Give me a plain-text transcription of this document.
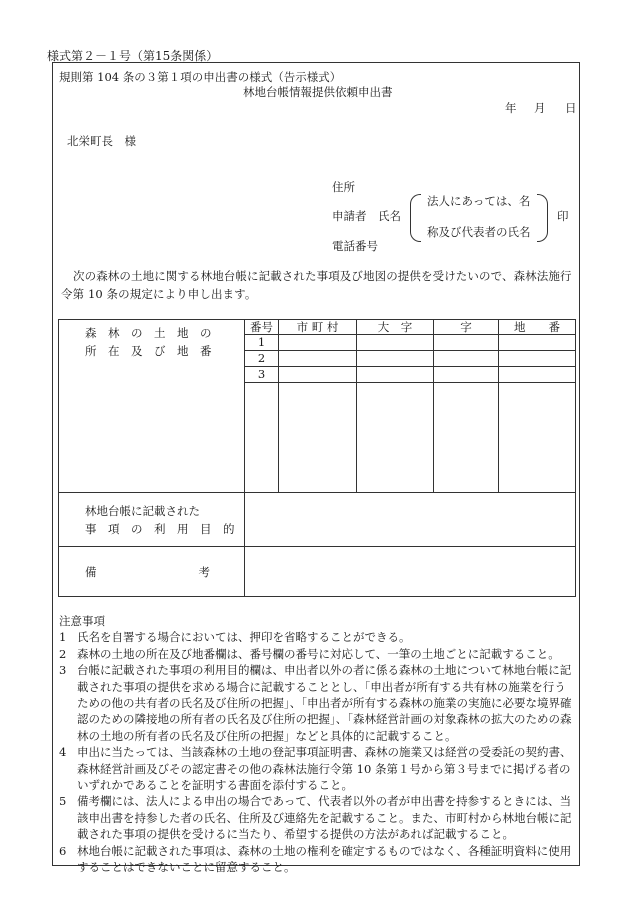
様式第２－１号（第15条関係）
規則第 104 条の３第１項の申出書の様式（告示様式）
林地台帳情報提供依頼申出書
年 月 日
北栄町長　様
住所
申請者　氏名
法人にあっては、名
称及び代表者の氏名
印
電話番号
次の森林の土地に関する林地台帳に記載された事項及び地図の提供を受けたいので、森林法施行令第 10 条の規定により申し出ます。
森　林　の　土　地　の
所　在　及　び　地　番	番号	市 町 村	大　字	字	地　　番
	1				
	2				
	3				

林地台帳に記載された
事　項　の　利　用　目　的					

備 考					
注意事項
1 氏名を自署する場合においては、押印を省略することができる。
2 森林の土地の所在及び地番欄は、番号欄の番号に対応して、一筆の土地ごとに記載すること。
3 台帳に記載された事項の利用目的欄は、申出者以外の者に係る森林の土地について林地台帳に記載された事項の提供を求める場合に記載することとし、「申出者が所有する共有林の施業を行うための他の共有者の氏名及び住所の把握」、「申出者が所有する森林の施業の実施に必要な境界確認のための隣接地の所有者の氏名及び住所の把握」、「森林経営計画の対象森林の拡大のための森林の土地の所有者の氏名及び住所の把握」などと具体的に記載すること。
4 申出に当たっては、当該森林の土地の登記事項証明書、森林の施業又は経営の受委託の契約書、森林経営計画及びその認定書その他の森林法施行令第 10 条第１号から第３号までに掲げる者のいずれかであることを証明する書面を添付すること。
5 備考欄には、法人による申出の場合であって、代表者以外の者が申出書を持参するときには、当該申出書を持参した者の氏名、住所及び連絡先を記載すること。また、市町村から林地台帳に記載された事項の提供を受けるに当たり、希望する提供の方法があれば記載すること。
6 林地台帳に記載された事項は、森林の土地の権利を確定するものではなく、各種証明資料に使用することはできないことに留意すること。
